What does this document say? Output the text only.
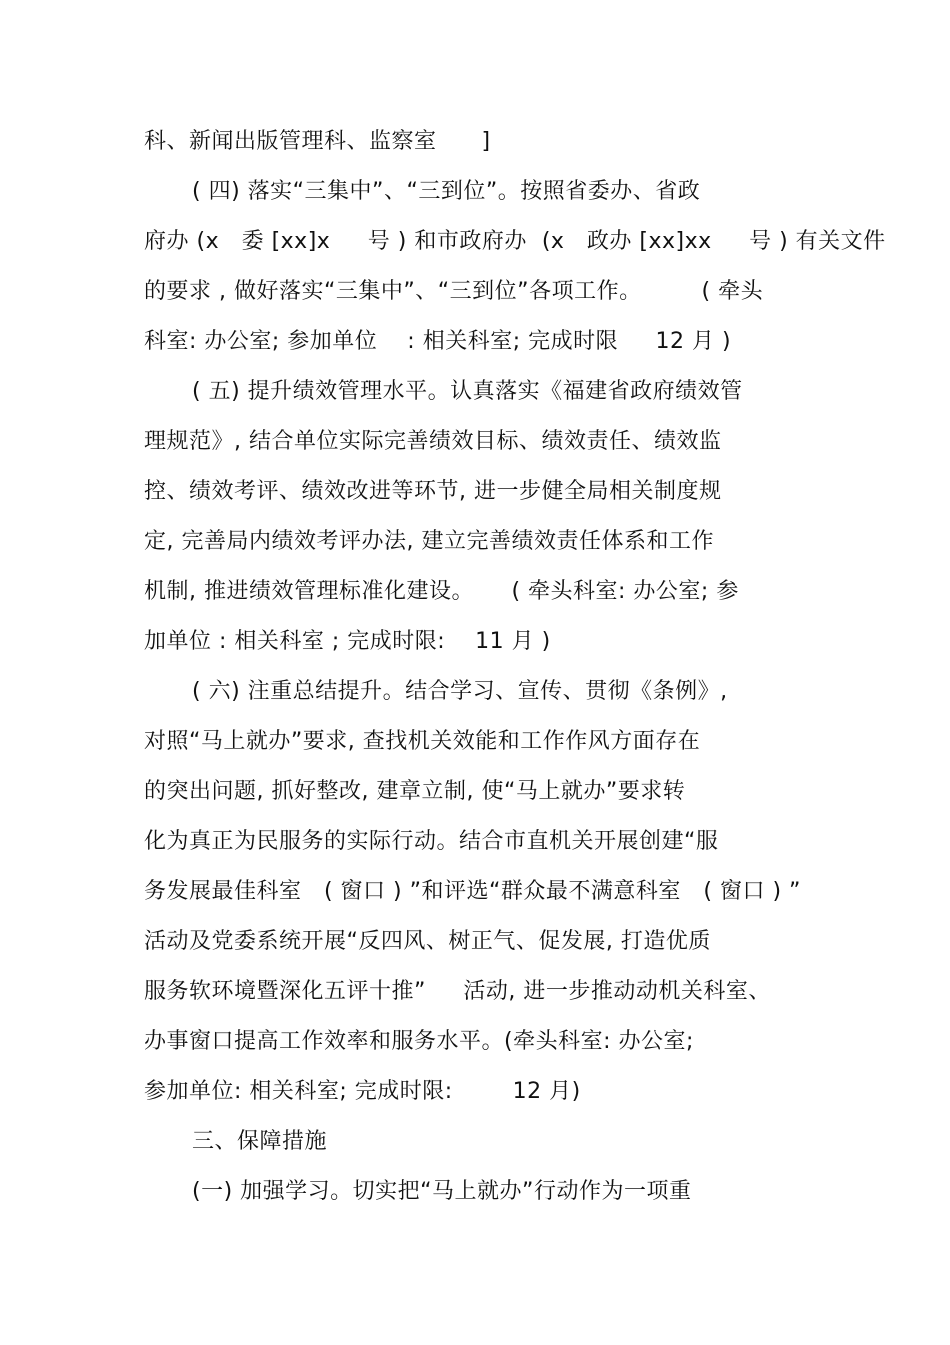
科、新闻出版管理科、监察室      ]
( 四) 落实“三集中”、“三到位”。按照省委办、省政
府办 (x   委 [xx]x     号 ) 和市政府办  (x   政办 [xx]xx     号 ) 有关文件
的要求 , 做好落实“三集中”、“三到位”各项工作。        ( 牵头
科室: 办公室; 参加单位    : 相关科室; 完成时限     12 月 )
( 五) 提升绩效管理水平。认真落实《福建省政府绩效管
理规范》, 结合单位实际完善绩效目标、绩效责任、绩效监
控、绩效考评、绩效改进等环节, 进一步健全局相关制度规
定, 完善局内绩效考评办法, 建立完善绩效责任体系和工作
机制, 推进绩效管理标准化建设。     ( 牵头科室: 办公室; 参
加单位 : 相关科室 ; 完成时限:    11 月 )
( 六) 注重总结提升。结合学习、宣传、贯彻《条例》,
对照“马上就办”要求, 查找机关效能和工作作风方面存在
的突出问题, 抓好整改, 建章立制, 使“马上就办”要求转
化为真正为民服务的实际行动。结合市直机关开展创建“服
务发展最佳科室   ( 窗口 ) ”和评选“群众最不满意科室   ( 窗口 ) ”
活动及党委系统开展“反四风、树正气、促发展, 打造优质
服务软环境暨深化五评十推”     活动, 进一步推动动机关科室、
办事窗口提高工作效率和服务水平。(牵头科室: 办公室;
参加单位: 相关科室; 完成时限:        12 月)
三、保障措施
(一) 加强学习。切实把“马上就办”行动作为一项重
